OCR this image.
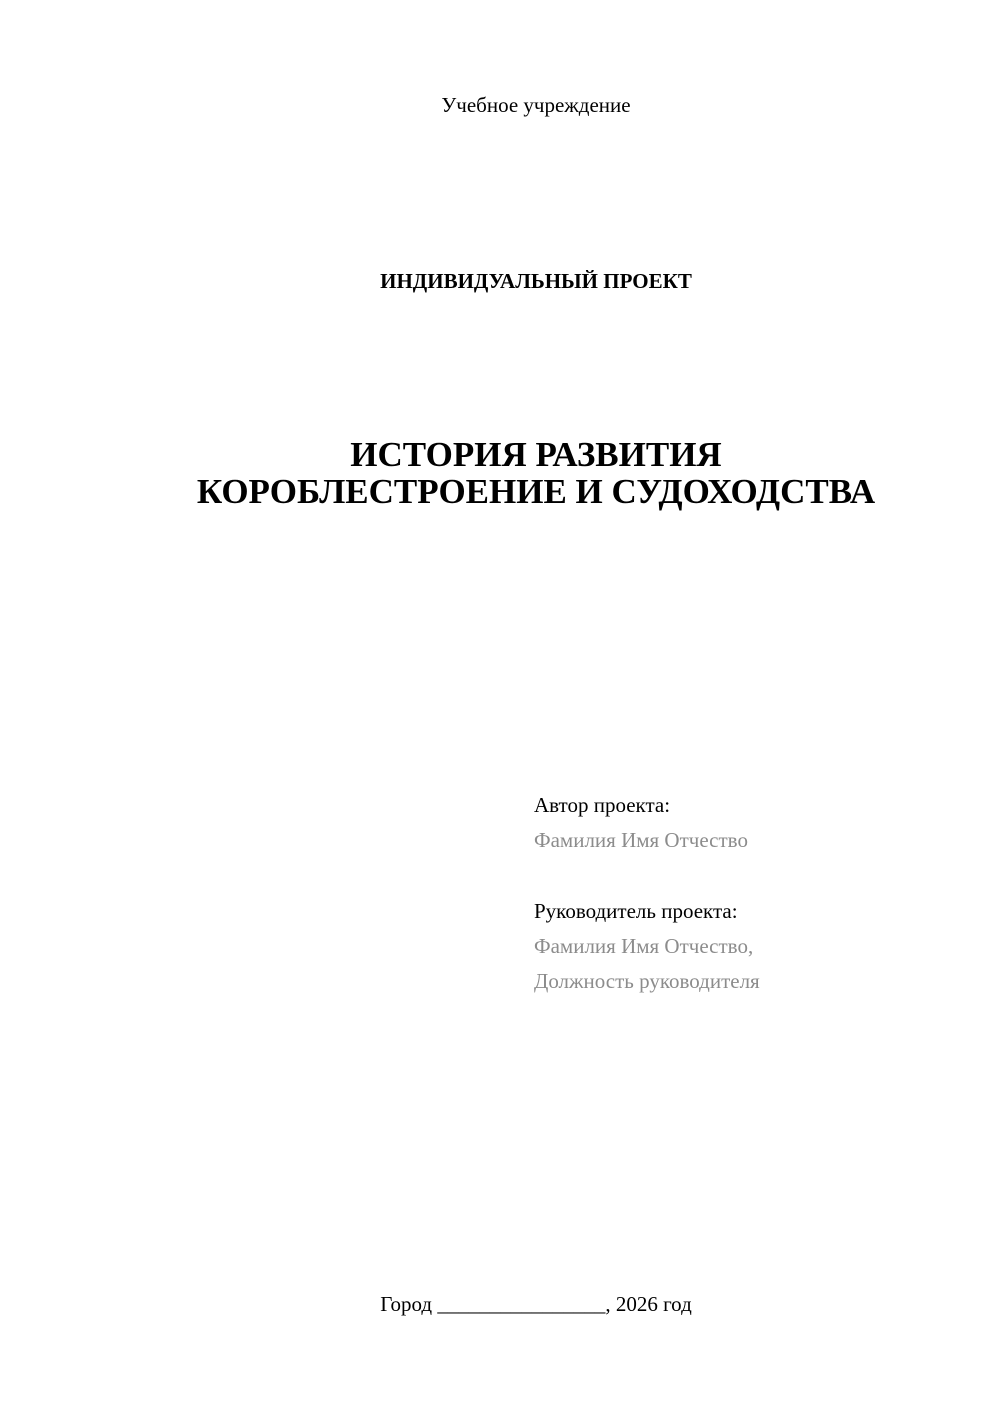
Учебное учреждение
ИНДИВИДУАЛЬНЫЙ ПРОЕКТ
ИСТОРИЯ РАЗВИТИЯ
КОРОБЛЕСТРОЕНИЕ И СУДОХОДСТВА
Автор проекта:
Фамилия Имя Отчество
Руководитель проекта:
Фамилия Имя Отчество,
Должность руководителя
Город ________________, 2026 год
